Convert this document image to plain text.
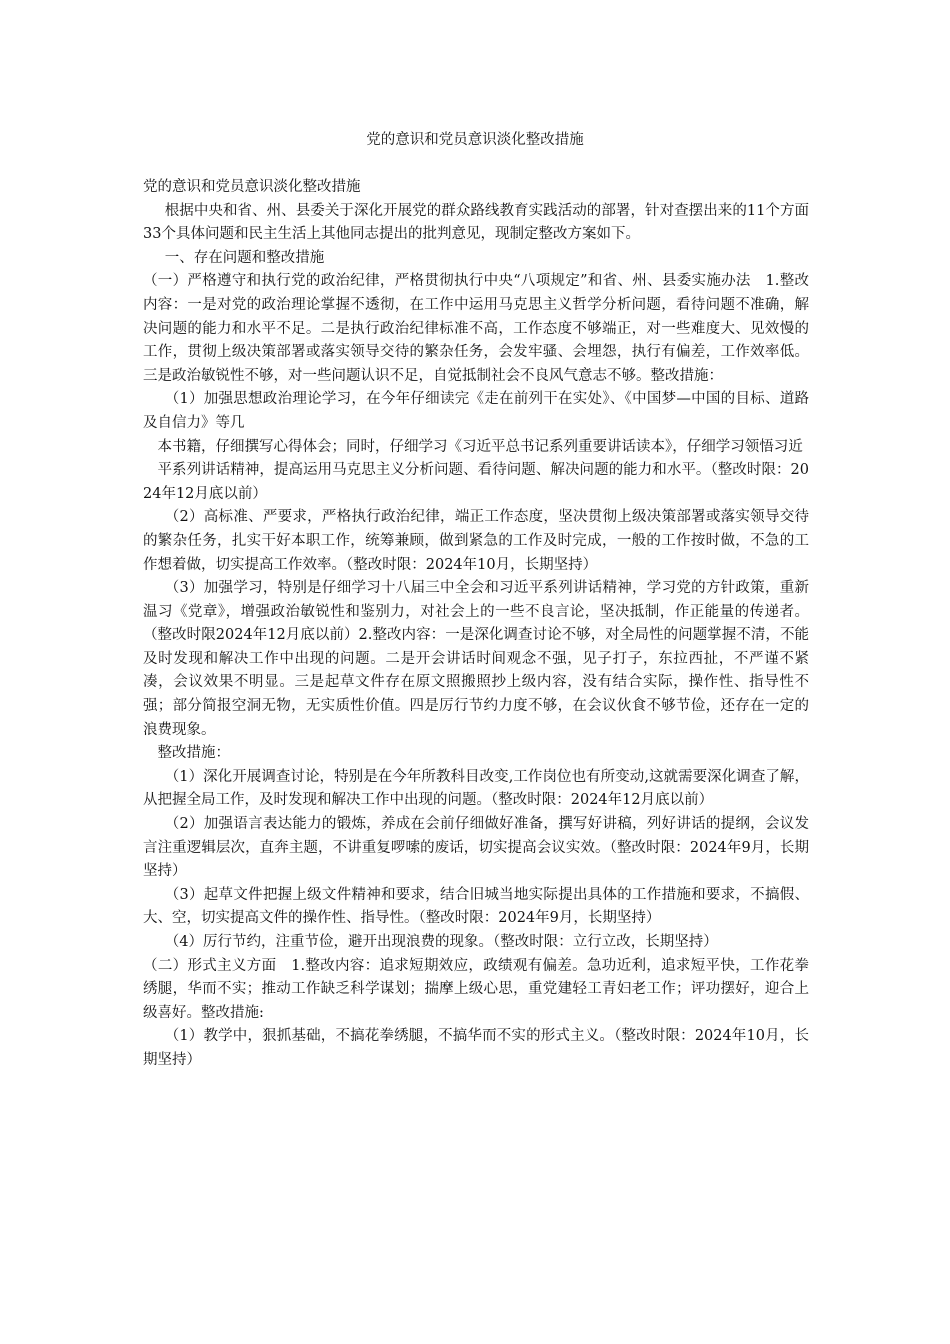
党的意识和党员意识淡化整改措施

党的意识和党员意识淡化整改措施

根据中央和省、州、县委关于深化开展党的群众路线教育实践活动的部署，针对查摆出来的11个方面33个具体问题和民主生活上其他同志提出的批判意见，现制定整改方案如下。

一、存在问题和整改措施

（一）严格遵守和执行党的政治纪律，严格贯彻执行中央“八项规定”和省、州、县委实施办法　1.整改内容：一是对党的政治理论掌握不透彻，在工作中运用马克思主义哲学分析问题，看待问题不准确，解决问题的能力和水平不足。二是执行政治纪律标准不高，工作态度不够端正，对一些难度大、见效慢的工作，贯彻上级决策部署或落实领导交待的繁杂任务，会发牢骚、会埋怨，执行有偏差，工作效率低。三是政治敏锐性不够，对一些问题认识不足，自觉抵制社会不良风气意志不够。整改措施：

（1）加强思想政治理论学习，在今年仔细读完《走在前列干在实处》、《中国梦—中国的目标、道路及自信力》等几

本书籍，仔细撰写心得体会；同时，仔细学习《习近平总书记系列重要讲话读本》，仔细学习领悟习近

平系列讲话精神，提高运用马克思主义分析问题、看待问题、解决问题的能力和水平。（整改时限：2024年12月底以前）

（2）高标准、严要求，严格执行政治纪律，端正工作态度，坚决贯彻上级决策部署或落实领导交待的繁杂任务，扎实干好本职工作，统筹兼顾，做到紧急的工作及时完成，一般的工作按时做，不急的工作想着做，切实提高工作效率。（整改时限：2024年10月，长期坚持）

（3）加强学习，特别是仔细学习十八届三中全会和习近平系列讲话精神，学习党的方针政策，重新温习《党章》，增强政治敏锐性和鉴别力，对社会上的一些不良言论，坚决抵制，作正能量的传递者。（整改时限2024年12月底以前）2.整改内容：一是深化调查讨论不够，对全局性的问题掌握不清，不能及时发现和解决工作中出现的问题。二是开会讲话时间观念不强，见子打子，东拉西扯，不严谨不紧凑，会议效果不明显。三是起草文件存在原文照搬照抄上级内容，没有结合实际，操作性、指导性不强；部分简报空洞无物，无实质性价值。四是厉行节约力度不够，在会议伙食不够节俭，还存在一定的浪费现象。

整改措施：

（1）深化开展调查讨论，特别是在今年所教科目改变,工作岗位也有所变动,这就需要深化调查了解，从把握全局工作，及时发现和解决工作中出现的问题。（整改时限：2024年12月底以前）

（2）加强语言表达能力的锻炼，养成在会前仔细做好准备，撰写好讲稿，列好讲话的提纲，会议发言注重逻辑层次，直奔主题，不讲重复啰嗦的废话，切实提高会议实效。（整改时限：2024年9月，长期坚持）

（3）起草文件把握上级文件精神和要求，结合旧城当地实际提出具体的工作措施和要求，不搞假、大、空，切实提高文件的操作性、指导性。（整改时限：2024年9月，长期坚持）

（4）厉行节约，注重节俭，避开出现浪费的现象。（整改时限：立行立改，长期坚持）

（二）形式主义方面　1.整改内容：追求短期效应，政绩观有偏差。急功近利，追求短平快，工作花拳绣腿，华而不实；推动工作缺乏科学谋划；揣摩上级心思，重党建轻工青妇老工作；评功摆好，迎合上级喜好。整改措施:

（1）教学中，狠抓基础，不搞花拳绣腿，不搞华而不实的形式主义。（整改时限：2024年10月，长期坚持）
